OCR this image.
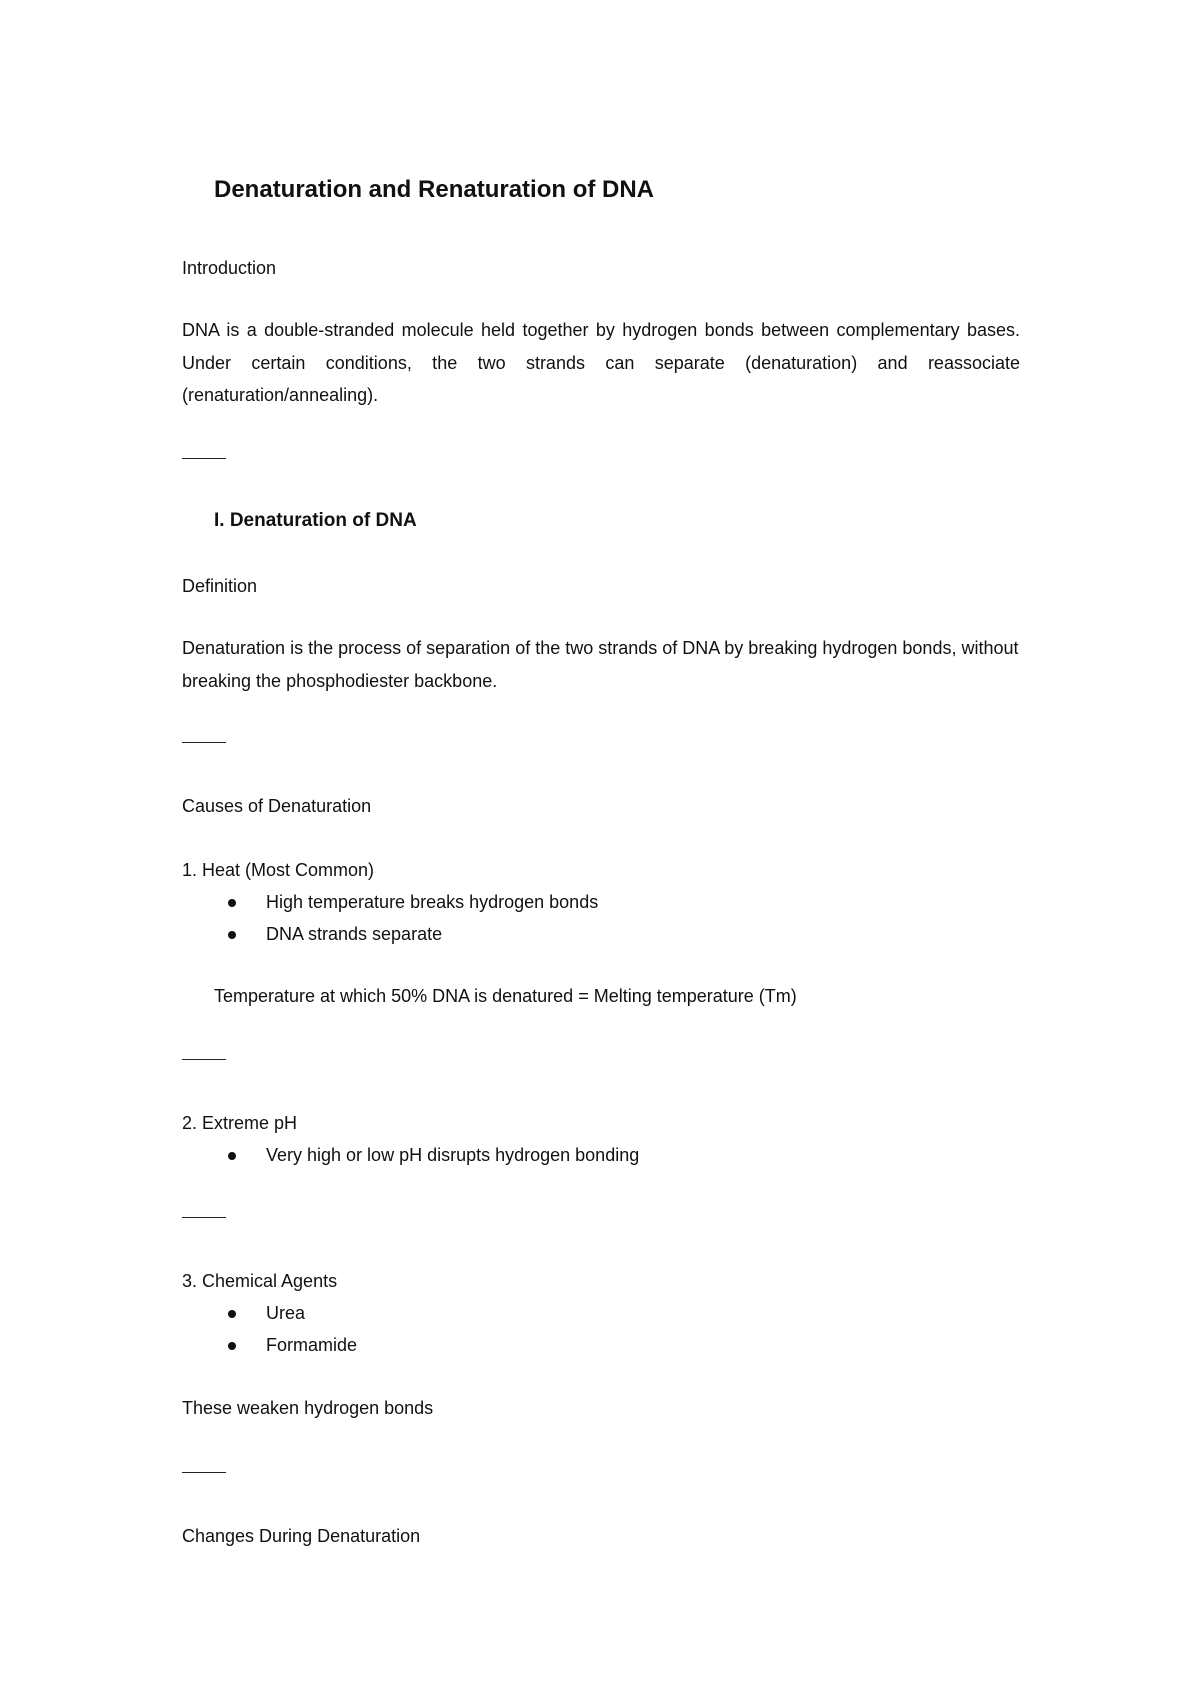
Denaturation and Renaturation of DNA

Introduction

DNA is a double-stranded molecule held together by hydrogen bonds between complementary bases. Under certain conditions, the two strands can separate (denaturation) and reassociate (renaturation/annealing).

I. Denaturation of DNA

Definition

Denaturation is the process of separation of the two strands of DNA by breaking hydrogen bonds, without breaking the phosphodiester backbone.

Causes of Denaturation

1. Heat (Most Common)

High temperature breaks hydrogen bonds

DNA strands separate

Temperature at which 50% DNA is denatured = Melting temperature (Tm)

2. Extreme pH

Very high or low pH disrupts hydrogen bonding

3. Chemical Agents

Urea

Formamide

These weaken hydrogen bonds

Changes During Denaturation
